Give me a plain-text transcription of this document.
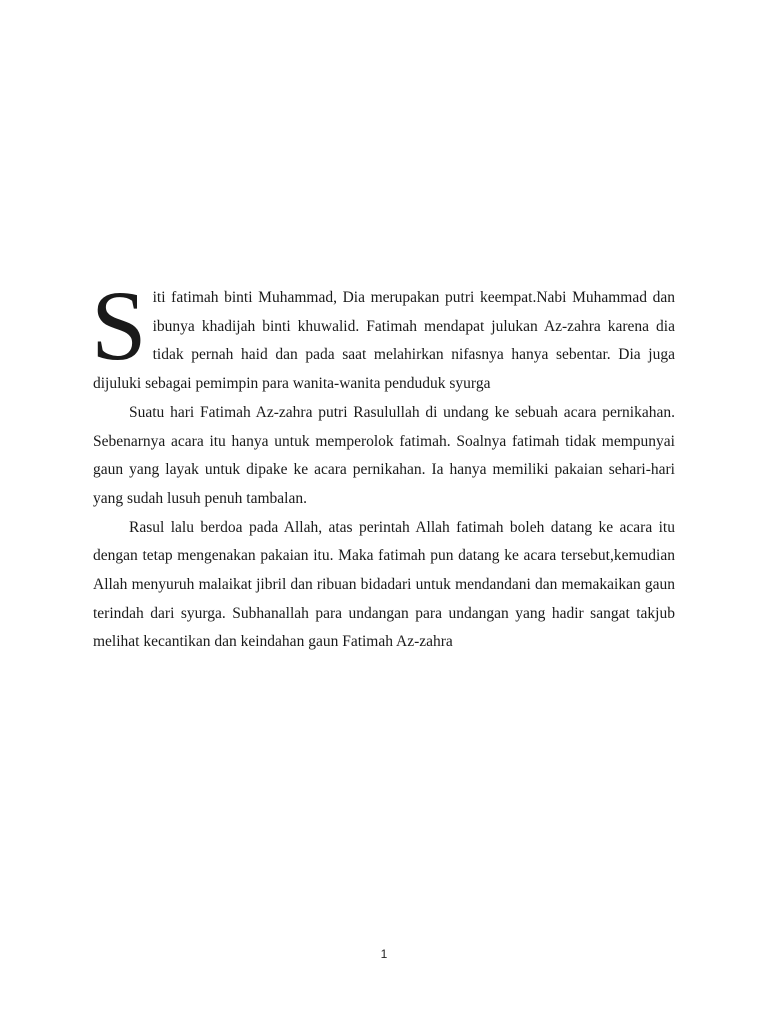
Siti fatimah binti Muhammad, Dia merupakan putri keempat.Nabi Muhammad dan ibunya khadijah binti khuwalid. Fatimah mendapat julukan Az-zahra karena dia tidak pernah haid dan pada saat melahirkan nifasnya hanya sebentar. Dia juga dijuluki sebagai pemimpin para wanita-wanita penduduk syurga

Suatu hari Fatimah Az-zahra putri Rasulullah di undang ke sebuah acara pernikahan. Sebenarnya acara itu hanya untuk memperolok fatimah. Soalnya fatimah tidak mempunyai gaun yang layak untuk dipake ke acara pernikahan. Ia hanya memiliki pakaian sehari-hari yang sudah lusuh penuh tambalan.

Rasul lalu berdoa pada Allah, atas perintah Allah fatimah boleh datang ke acara itu dengan tetap mengenakan pakaian itu. Maka fatimah pun datang ke acara tersebut,kemudian Allah menyuruh malaikat jibril dan ribuan bidadari untuk mendandani dan memakaikan gaun terindah dari syurga. Subhanallah para undangan para undangan yang hadir sangat takjub melihat kecantikan dan keindahan gaun Fatimah Az-zahra

1
